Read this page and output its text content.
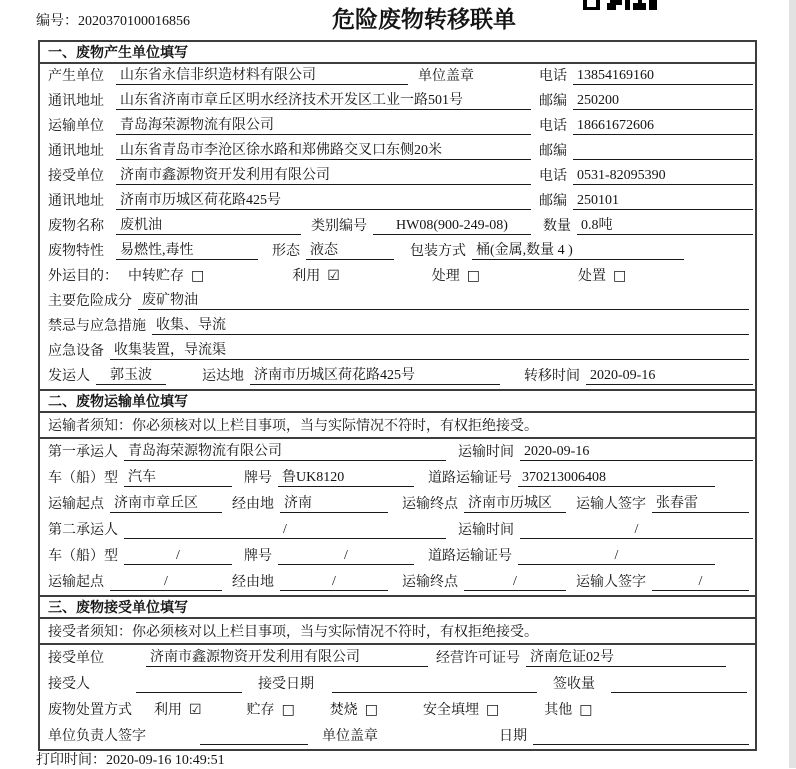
编号：2020370100016856	危险废物转移联单
一、废物产生单位填写
产生单位	山东省永信非织造材料有限公司	单位盖章	电话 13854169160
通讯地址	山东省济南市章丘区明水经济技术开发区工业一路501号	邮编 250200
运输单位	青岛海荣源物流有限公司	电话 18661672606
通讯地址	山东省青岛市李沧区徐水路和郑佛路交叉口东侧20米	邮编
接受单位	济南市鑫源物资开发利用有限公司	电话 0531-82095390
通讯地址	济南市历城区荷花路425号	邮编 250101
废物名称	废机油	类别编号	HW08(900-249-08)	数量 0.8吨
废物特性	易燃性,毒性	形态 液态	包装方式 桶(金属,数量 4 )
外运目的： 中转贮存 □	利用 ☑	处理 □	处置 □
主要危险成分 废矿物油
禁忌与应急措施 收集、导流
应急设备 收集装置，导流渠
发运人	郭玉波	运达地 济南市历城区荷花路425号	转移时间 2020-09-16
二、废物运输单位填写
运输者须知：你必须核对以上栏目事项，当与实际情况不符时，有权拒绝接受。
第一承运人 青岛海荣源物流有限公司	运输时间 2020-09-16
车（船）型 汽车	牌号 鲁UK8120	道路运输证号 370213006408
运输起点 济南市章丘区	经由地 济南	运输终点 济南市历城区	运输人签字 张春雷
第二承运人	/	运输时间	/
车（船）型	/	牌号	/	道路运输证号	/
运输起点	/	经由地	/	运输终点	/	运输人签字	/
三、废物接受单位填写
接受者须知：你必须核对以上栏目事项，当与实际情况不符时，有权拒绝接受。
接受单位	济南市鑫源物资开发利用有限公司	经营许可证号 济南危证02号
接受人	接受日期	签收量
废物处置方式 利用 ☑	贮存 □	焚烧 □	安全填埋 □	其他 □
单位负责人签字	单位盖章	日期
打印时间：2020-09-16 10:49:51
